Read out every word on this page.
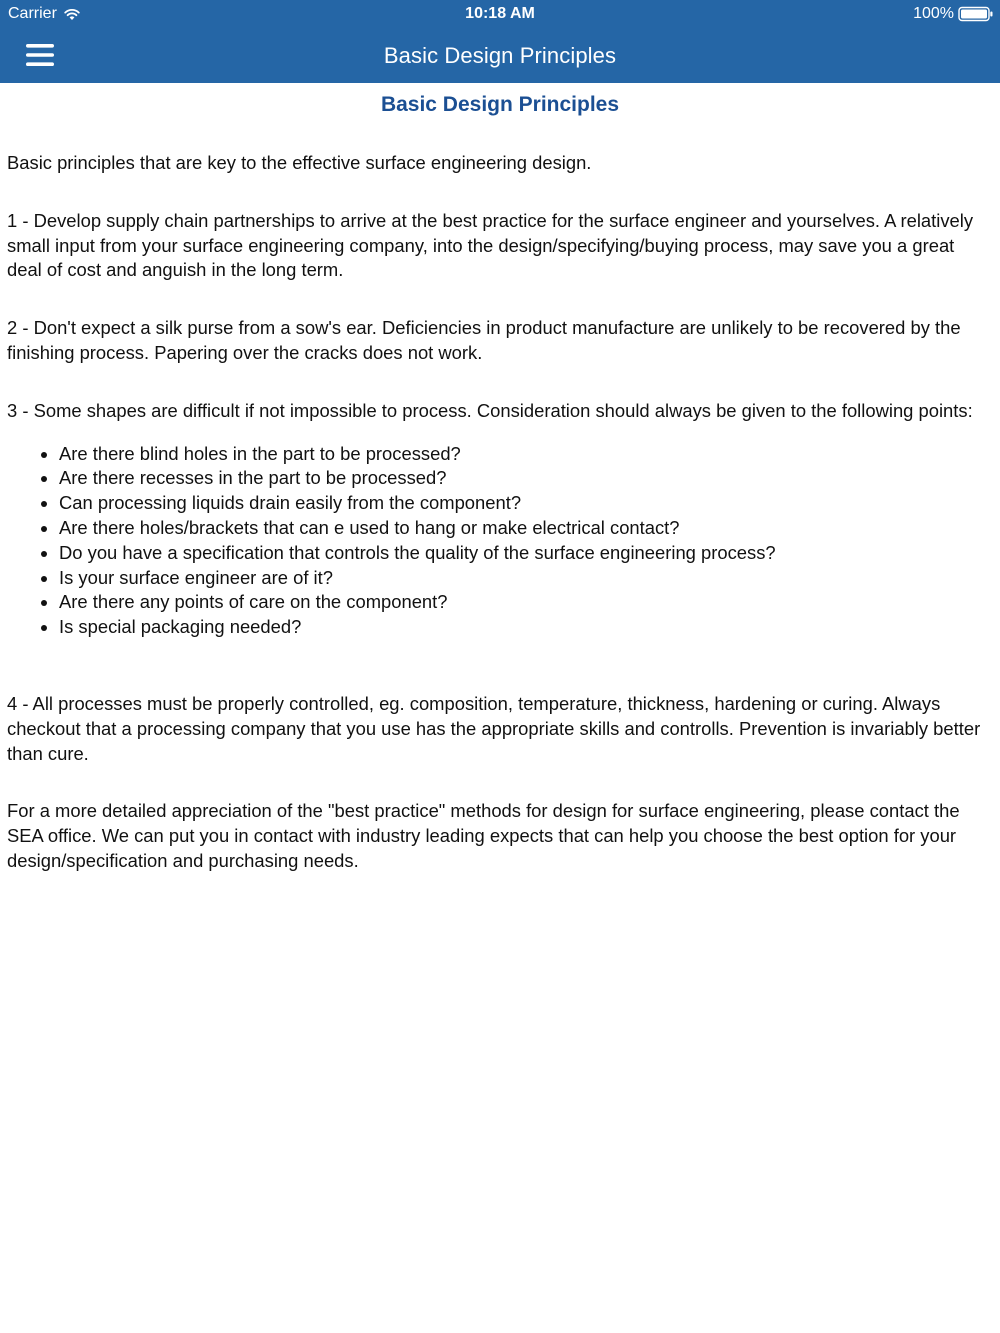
Carrier	10:18 AM	100%
Basic Design Principles
Basic Design Principles

Basic principles that are key to the effective surface engineering design.

1 - Develop supply chain partnerships to arrive at the best practice for the surface engineer and yourselves. A relatively small input from your surface engineering company, into the design/specifying/buying process, may save you a great deal of cost and anguish in the long term.

2 - Don't expect a silk purse from a sow's ear. Deficiencies in product manufacture are unlikely to be recovered by the finishing process. Papering over the cracks does not work.

3 - Some shapes are difficult if not impossible to process. Consideration should always be given to the following points:

• Are there blind holes in the part to be processed?
• Are there recesses in the part to be processed?
• Can processing liquids drain easily from the component?
• Are there holes/brackets that can e used to hang or make electrical contact?
• Do you have a specification that controls the quality of the surface engineering process?
• Is your surface engineer are of it?
• Are there any points of care on the component?
• Is special packaging needed?

4 - All processes must be properly controlled, eg. composition, temperature, thickness, hardening or curing. Always checkout that a processing company that you use has the appropriate skills and controlls. Prevention is invariably better than cure.

For a more detailed appreciation of the "best practice" methods for design for surface engineering, please contact the SEA office. We can put you in contact with industry leading expects that can help you choose the best option for your design/specification and purchasing needs.
